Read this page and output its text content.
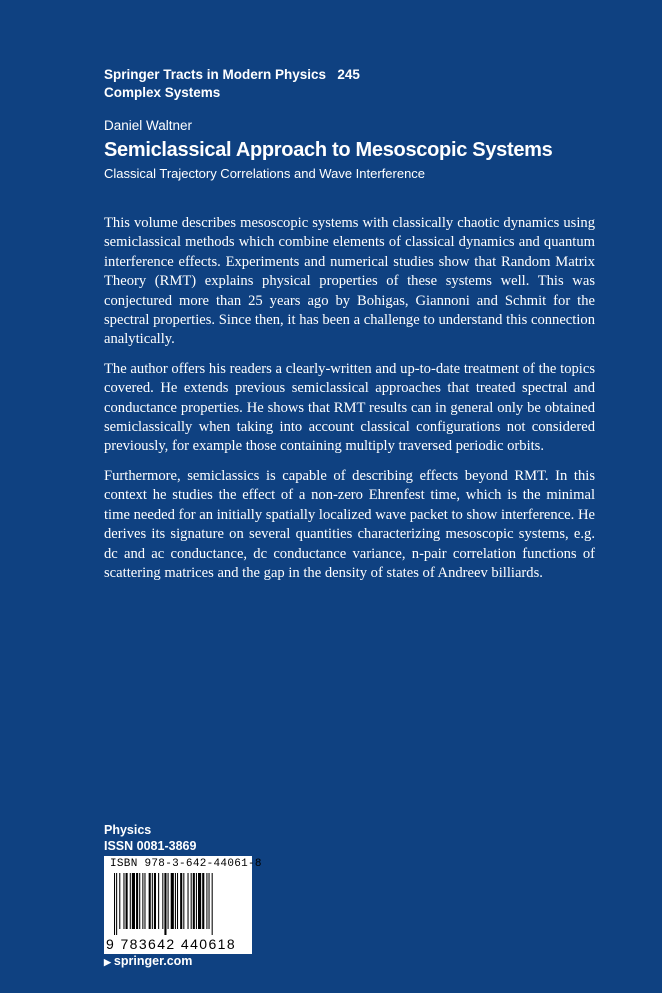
Springer Tracts in Modern Physics 245
Complex Systems
Daniel Waltner
Semiclassical Approach to Mesoscopic Systems
Classical Trajectory Correlations and Wave Interference

This volume describes mesoscopic systems with classically chaotic dynamics using semiclassical methods which combine elements of classical dynamics and quantum interference effects. Experiments and numerical studies show that Random Matrix Theory (RMT) explains physical properties of these systems well. This was conjectured more than 25 years ago by Bohigas, Giannoni and Schmit for the spectral properties. Since then, it has been a challenge to understand this connection analytically.

The author offers his readers a clearly-written and up-to-date treatment of the topics covered. He extends previous semiclassical approaches that treated spectral and conductance properties. He shows that RMT results can in general only be obtained semiclassically when taking into account classical configurations not considered previously, for example those containing multiply traversed periodic orbits.

Furthermore, semiclassics is capable of describing effects beyond RMT. In this context he studies the effect of a non-zero Ehrenfest time, which is the minimal time needed for an initially spatially localized wave packet to show interference. He derives its signature on several quantities characterizing mesoscopic systems, e.g. dc and ac conductance, dc conductance variance, n-pair correlation functions of scattering matrices and the gap in the density of states of Andreev billiards.

Physics
ISSN 0081-3869
ISBN 978-3-642-44061-8
9 783642 440618
▶ springer.com
